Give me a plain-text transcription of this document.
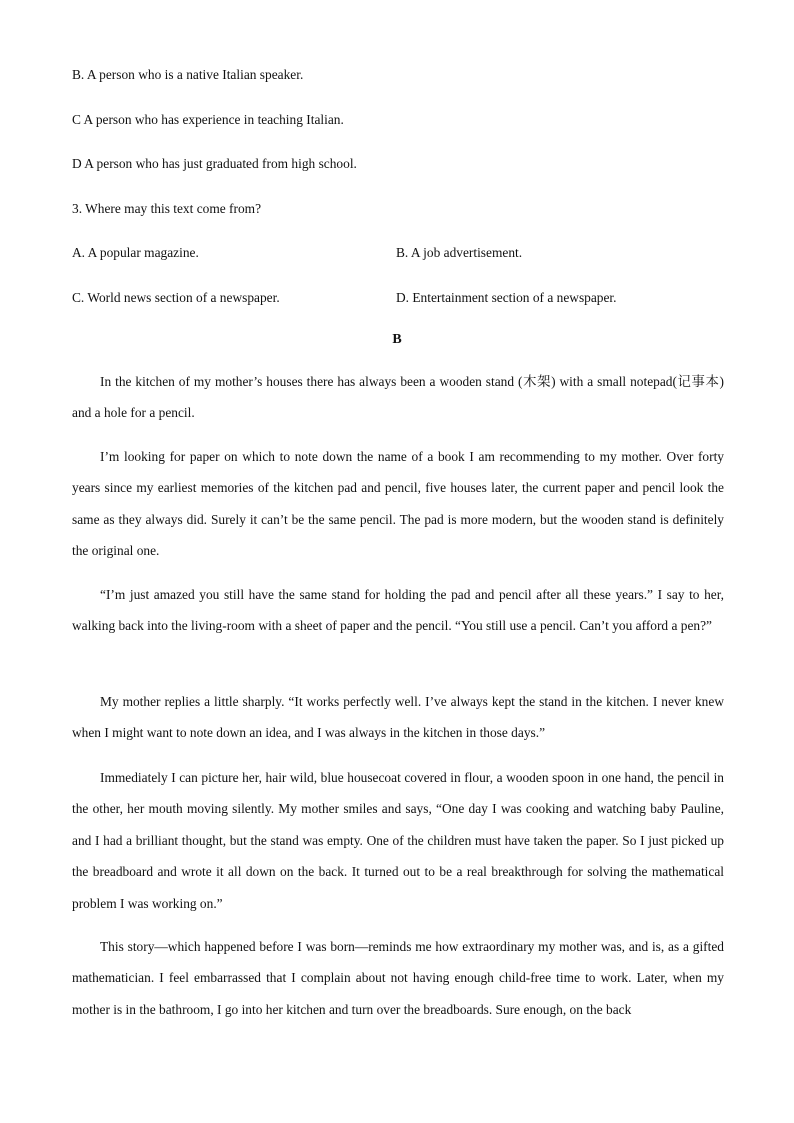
B. A person who is a native Italian speaker.
C A person who has experience in teaching Italian.
D A person who has just graduated from high school.
3. Where may this text come from?
A. A popular magazine.	B. A job advertisement.
C. World news section of a newspaper.	D. Entertainment section of a newspaper.
B

In the kitchen of my mother’s houses there has always been a wooden stand (木架) with a small notepad(记事本) and a hole for a pencil.

I’m looking for paper on which to note down the name of a book I am recommending to my mother. Over forty years since my earliest memories of the kitchen pad and pencil, five houses later, the current paper and pencil look the same as they always did. Surely it can’t be the same pencil. The pad is more modern, but the wooden stand is definitely the original one.

“I’m just amazed you still have the same stand for holding the pad and pencil after all these years.” I say to her, walking back into the living-room with a sheet of paper and the pencil. “You still use a pencil. Can’t you afford a pen?”

My mother replies a little sharply. “It works perfectly well. I’ve always kept the stand in the kitchen. I never knew when I might want to note down an idea, and I was always in the kitchen in those days.”

Immediately I can picture her, hair wild, blue housecoat covered in flour, a wooden spoon in one hand, the pencil in the other, her mouth moving silently. My mother smiles and says, “One day I was cooking and watching baby Pauline, and I had a brilliant thought, but the stand was empty. One of the children must have taken the paper. So I just picked up the breadboard and wrote it all down on the back. It turned out to be a real breakthrough for solving the mathematical problem I was working on.”

This story—which happened before I was born—reminds me how extraordinary my mother was, and is, as a gifted mathematician. I feel embarrassed that I complain about not having enough child-free time to work. Later, when my mother is in the bathroom, I go into her kitchen and turn over the breadboards. Sure enough, on the back
